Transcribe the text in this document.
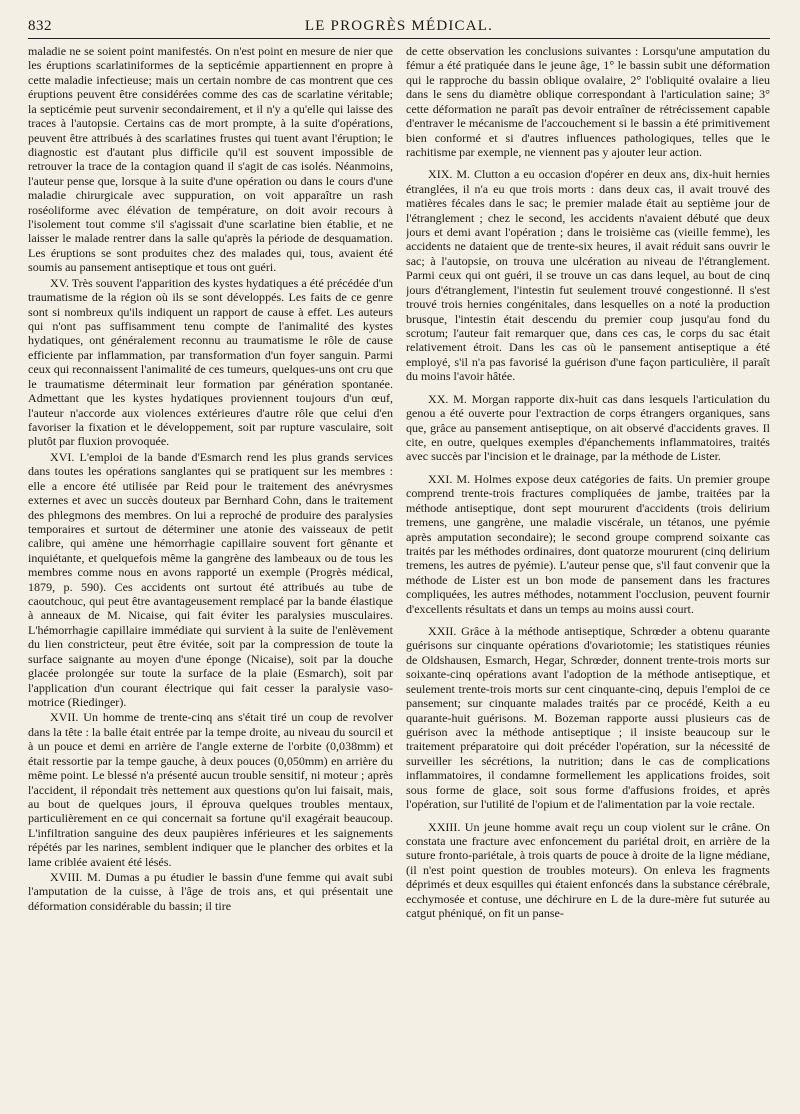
832	LE PROGRÈS MÉDICAL.

maladie ne se soient point manifestés. On n'est point en mesure de nier que les éruptions scarlatiniformes de la septicémie appartiennent en propre à cette maladie infectieuse; mais un certain nombre de cas montrent que ces éruptions peuvent être considérées comme des cas de scarlatine véritable; la septicémie peut survenir secondairement, et il n'y a qu'elle qui laisse des traces à l'autopsie. Certains cas de mort prompte, à la suite d'opérations, peuvent être attribués à des scarlatines frustes qui tuent avant l'éruption; le diagnostic est d'autant plus difficile qu'il est souvent impossible de retrouver la trace de la contagion quand il s'agit de cas isolés. Néanmoins, l'auteur pense que, lorsque à la suite d'une opération ou dans le cours d'une maladie chirurgicale avec suppuration, on voit apparaître un rash roséoliforme avec élévation de température, on doit avoir recours à l'isolement tout comme s'il s'agissait d'une scarlatine bien établie, et ne laisser le malade rentrer dans la salle qu'après la période de desquamation. Les éruptions se sont produites chez des malades qui, tous, avaient été soumis au pansement antiseptique et tous ont guéri.

XV. Très souvent l'apparition des kystes hydatiques a été précédée d'un traumatisme de la région où ils se sont développés. Les faits de ce genre sont si nombreux qu'ils indiquent un rapport de cause à effet. Les auteurs qui n'ont pas suffisamment tenu compte de l'animalité des kystes hydatiques, ont généralement reconnu au traumatisme le rôle de cause efficiente par inflammation, par transformation d'un foyer sanguin. Parmi ceux qui reconnaissent l'animalité de ces tumeurs, quelques-uns ont cru que le traumatisme déterminait leur formation par génération spontanée. Admettant que les kystes hydatiques proviennent toujours d'un œuf, l'auteur n'accorde aux violences extérieures d'autre rôle que celui d'en favoriser la fixation et le développement, soit par rupture vasculaire, soit plutôt par fluxion provoquée.

XVI. L'emploi de la bande d'Esmarch rend les plus grands services dans toutes les opérations sanglantes qui se pratiquent sur les membres : elle a encore été utilisée par Reid pour le traitement des anévrysmes externes et avec un succès douteux par Bernhard Cohn, dans le traitement des phlegmons des membres. On lui a reproché de produire des paralysies temporaires et surtout de déterminer une atonie des vaisseaux de petit calibre, qui amène une hémorrhagie capillaire souvent fort gênante et inquiétante, et quelquefois même la gangrène des lambeaux ou de tous les membres comme nous en avons rapporté un exemple (Progrès médical, 1879, p. 590). Ces accidents ont surtout été attribués au tube de caoutchouc, qui peut être avantageusement remplacé par la bande élastique à anneaux de M. Nicaise, qui fait éviter les paralysies musculaires. L'hémorrhagie capillaire immédiate qui survient à la suite de l'enlèvement du lien constricteur, peut être évitée, soit par la compression de toute la surface saignante au moyen d'une éponge (Nicaise), soit par la douche glacée prolongée sur toute la surface de la plaie (Esmarch), soit par l'application d'un courant électrique qui fait cesser la paralysie vaso-motrice (Riedinger).

XVII. Un homme de trente-cinq ans s'était tiré un coup de revolver dans la tête : la balle était entrée par la tempe droite, au niveau du sourcil et à un pouce et demi en arrière de l'angle externe de l'orbite (0,038mm) et était ressortie par la tempe gauche, à deux pouces (0,050mm) en arrière du même point. Le blessé n'a présenté aucun trouble sensitif, ni moteur ; après l'accident, il répondait très nettement aux questions qu'on lui faisait, mais, au bout de quelques jours, il éprouva quelques troubles mentaux, particulièrement en ce qui concernait sa fortune qu'il exagérait beaucoup. L'infiltration sanguine des deux paupières inférieures et les saignements répétés par les narines, semblent indiquer que le plancher des orbites et la lame criblée avaient été lésés.

XVIII. M. Dumas a pu étudier le bassin d'une femme qui avait subi l'amputation de la cuisse, à l'âge de trois ans, et qui présentait une déformation considérable du bassin; il tire

de cette observation les conclusions suivantes : Lorsqu'une amputation du fémur a été pratiquée dans le jeune âge, 1° le bassin subit une déformation qui le rapproche du bassin oblique ovalaire, 2° l'obliquité ovalaire a lieu dans le sens du diamètre oblique correspondant à l'articulation saine; 3° cette déformation ne paraît pas devoir entraîner de rétrécissement capable d'entraver le mécanisme de l'accouchement si le bassin a été primitivement bien conformé et si d'autres influences pathologiques, telles que le rachitisme par exemple, ne viennent pas y ajouter leur action.

XIX. M. Clutton a eu occasion d'opérer en deux ans, dix-huit hernies étranglées, il n'a eu que trois morts : dans deux cas, il avait trouvé des matières fécales dans le sac; le premier malade était au septième jour de l'étranglement ; chez le second, les accidents n'avaient débuté que deux jours et demi avant l'opération ; dans le troisième cas (vieille femme), les accidents ne dataient que de trente-six heures, il avait réduit sans ouvrir le sac; à l'autopsie, on trouva une ulcération au niveau de l'étranglement. Parmi ceux qui ont guéri, il se trouve un cas dans lequel, au bout de cinq jours d'étranglement, l'intestin fut seulement trouvé congestionné. Il s'est trouvé trois hernies congénitales, dans lesquelles on a noté la production brusque, l'intestin était descendu du premier coup jusqu'au fond du scrotum; l'auteur fait remarquer que, dans ces cas, le corps du sac était relativement étroit. Dans les cas où le pansement antiseptique a été employé, s'il n'a pas favorisé la guérison d'une façon particulière, il paraît du moins l'avoir hâtée.

XX. M. Morgan rapporte dix-huit cas dans lesquels l'articulation du genou a été ouverte pour l'extraction de corps étrangers organiques, sans que, grâce au pansement antiseptique, on ait observé d'accidents graves. Il cite, en outre, quelques exemples d'épanchements inflammatoires, traités avec succès par l'incision et le drainage, par la méthode de Lister.

XXI. M. Holmes expose deux catégories de faits. Un premier groupe comprend trente-trois fractures compliquées de jambe, traitées par la méthode antiseptique, dont sept moururent d'accidents (trois delirium tremens, une gangrène, une maladie viscérale, un tétanos, une pyémie après amputation secondaire); le second groupe comprend soixante cas traités par les méthodes ordinaires, dont quatorze moururent (cinq delirium tremens, les autres de pyémie). L'auteur pense que, s'il faut convenir que la méthode de Lister est un bon mode de pansement dans les fractures compliquées, les autres méthodes, notamment l'occlusion, peuvent fournir d'excellents résultats et dans un temps au moins aussi court.

XXII. Grâce à la méthode antiseptique, Schrœder a obtenu quarante guérisons sur cinquante opérations d'ovariotomie; les statistiques réunies de Oldshausen, Esmarch, Hegar, Schrœder, donnent trente-trois morts sur soixante-cinq opérations avant l'adoption de la méthode antiseptique, et seulement trente-trois morts sur cent cinquante-cinq, depuis l'emploi de ce pansement; sur cinquante malades traités par ce procédé, Keith a eu quarante-huit guérisons. M. Bozeman rapporte aussi plusieurs cas de guérison avec la méthode antiseptique ; il insiste beaucoup sur le traitement préparatoire qui doit précéder l'opération, sur la nécessité de surveiller les sécrétions, la nutrition; dans le cas de complications inflammatoires, il condamne formellement les applications froides, soit sous forme de glace, soit sous forme d'affusions froides, et après l'opération, sur l'utilité de l'opium et de l'alimentation par la voie rectale.

XXIII. Un jeune homme avait reçu un coup violent sur le crâne. On constata une fracture avec enfoncement du pariétal droit, en arrière de la suture fronto-pariétale, à trois quarts de pouce à droite de la ligne médiane, (il n'est point question de troubles moteurs). On enleva les fragments déprimés et deux esquilles qui étaient enfoncés dans la substance cérébrale, ecchymosée et contuse, une déchirure en L de la dure-mère fut suturée au catgut phéniqué, on fit un panse-
